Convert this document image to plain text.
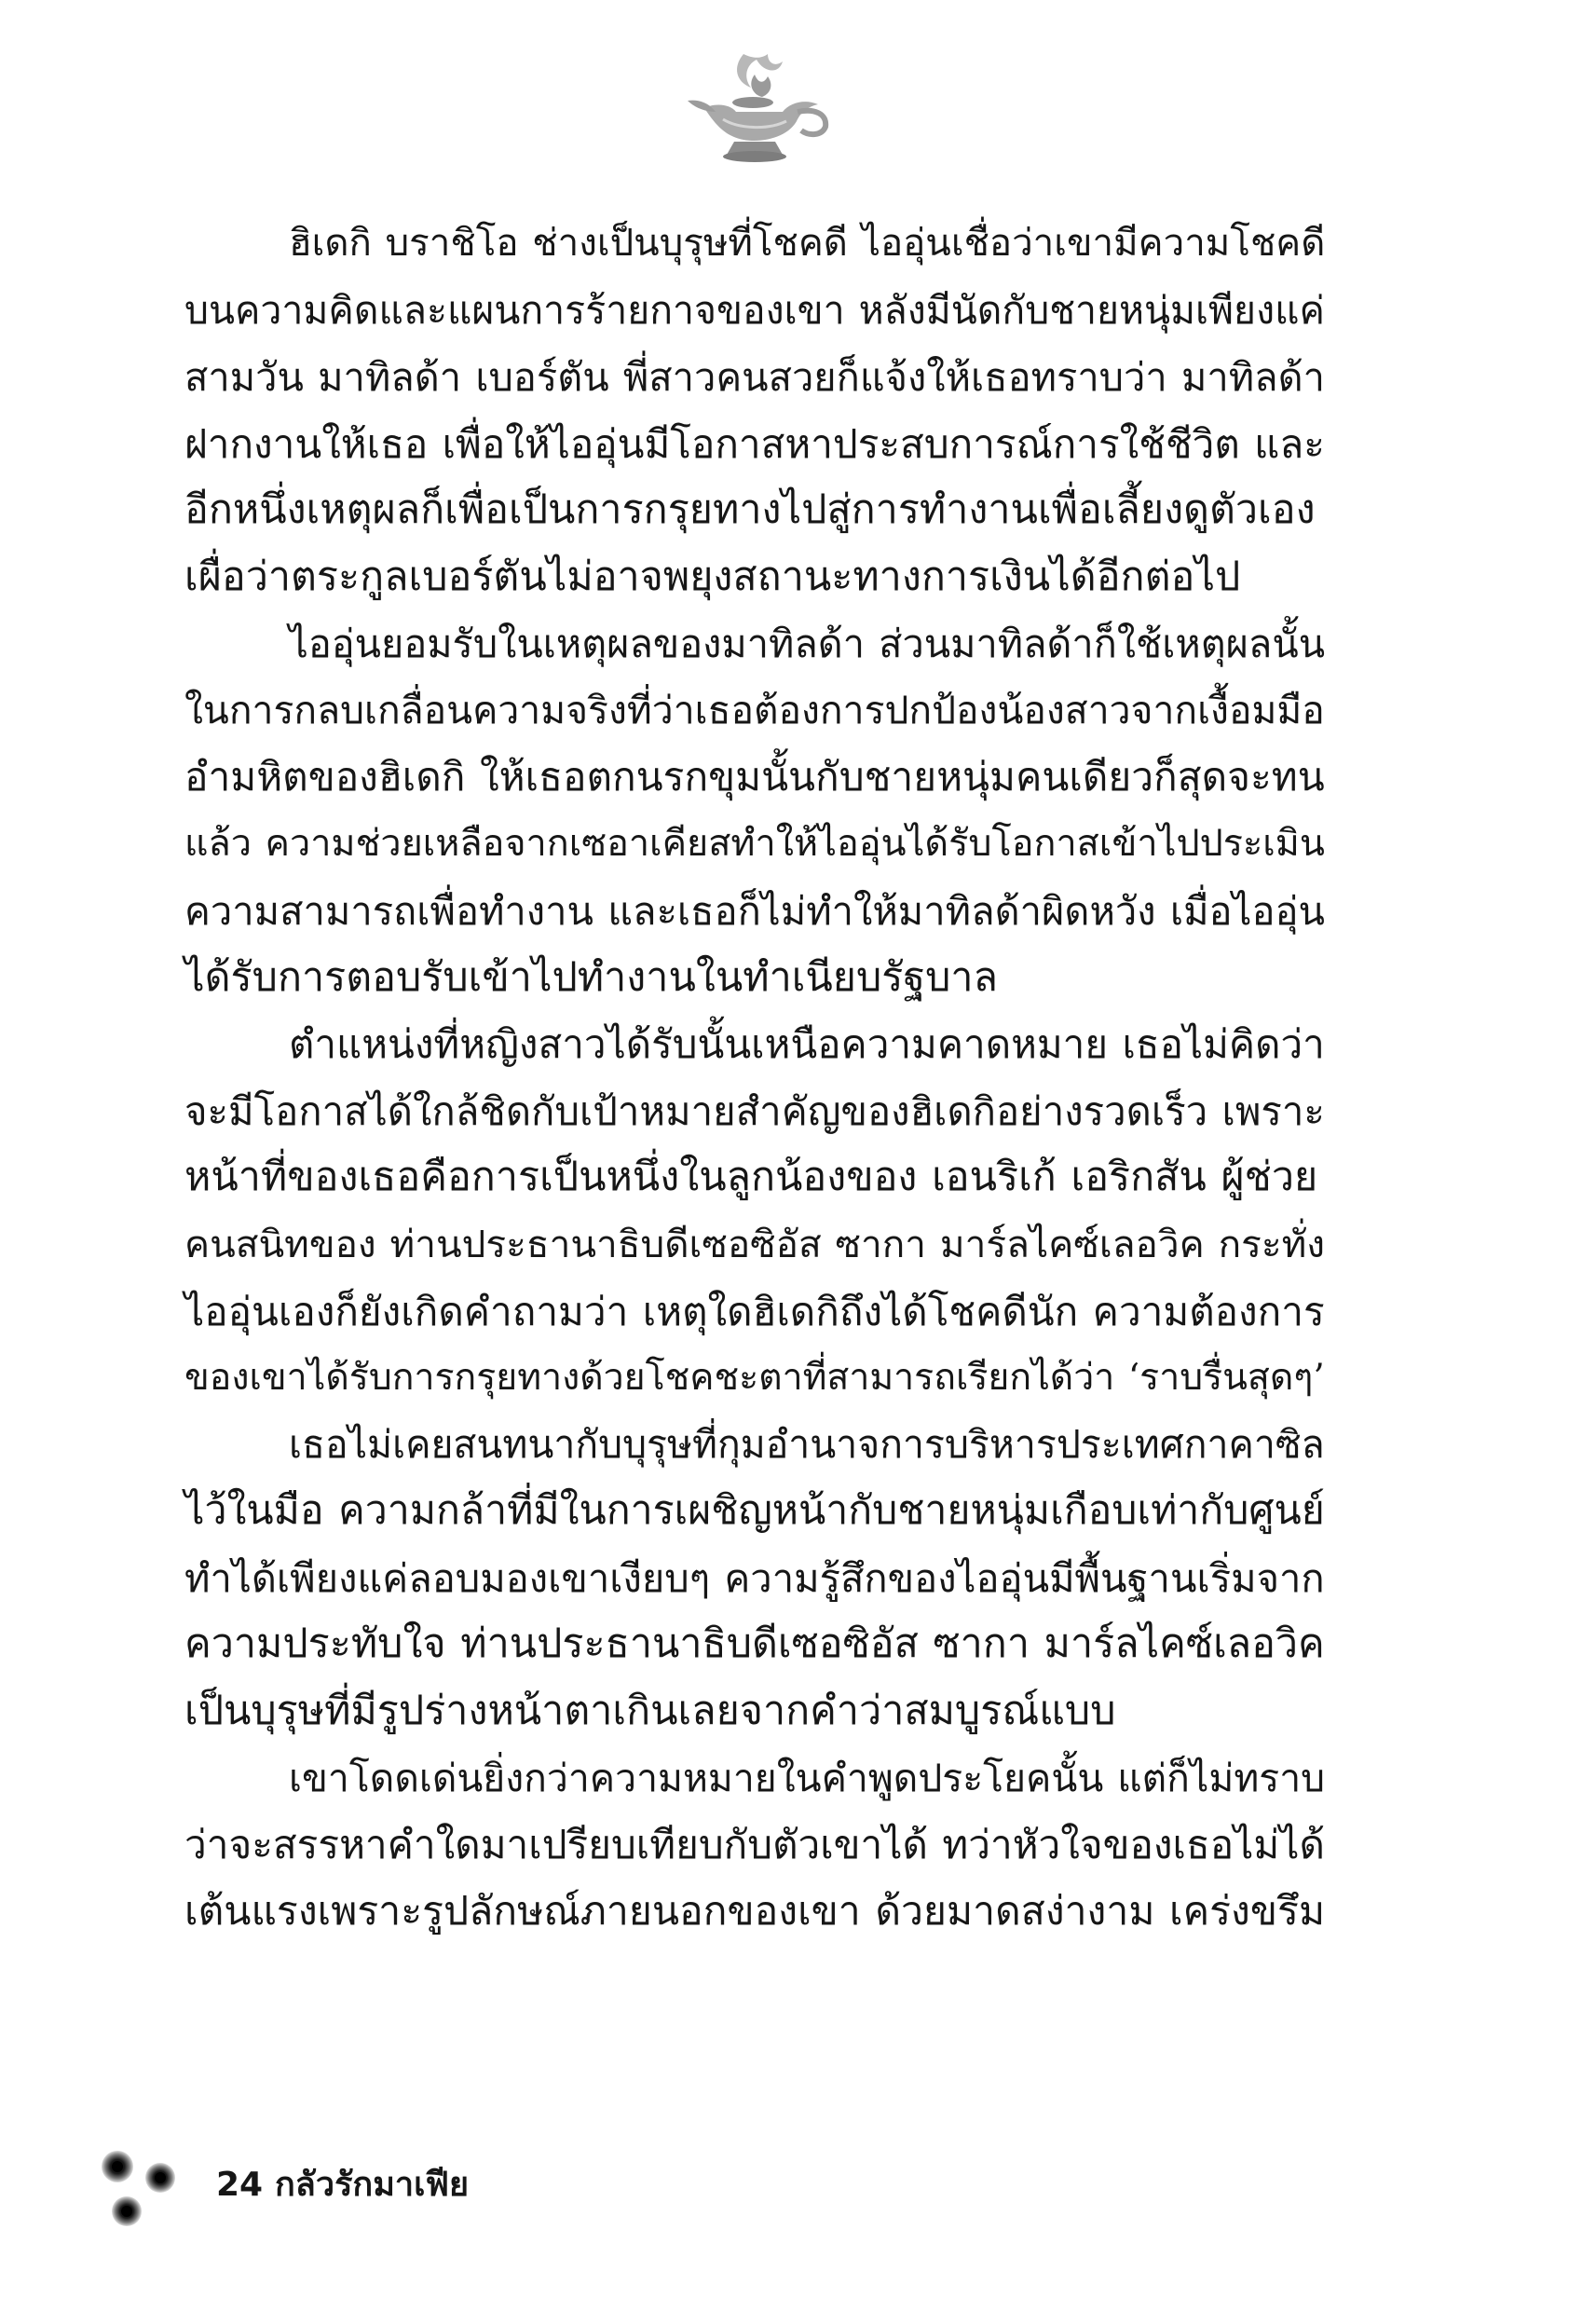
ฮิเดกิ บราชิโอ ช่างเป็นบุรุษที่โชคดี ไออุ่นเชื่อว่าเขามีความโชคดี
บนความคิดและแผนการร้ายกาจของเขา หลังมีนัดกับชายหนุ่มเพียงแค่
สามวัน มาทิลด้า เบอร์ตัน พี่สาวคนสวยก็แจ้งให้เธอทราบว่า มาทิลด้า
ฝากงานให้เธอ เพื่อให้ไออุ่นมีโอกาสหาประสบการณ์การใช้ชีวิต และ
อีกหนึ่งเหตุผลก็เพื่อเป็นการกรุยทางไปสู่การทำงานเพื่อเลี้ยงดูตัวเอง
เผื่อว่าตระกูลเบอร์ตันไม่อาจพยุงสถานะทางการเงินได้อีกต่อไป

ไออุ่นยอมรับในเหตุผลของมาทิลด้า ส่วนมาทิลด้าก็ใช้เหตุผลนั้น
ในการกลบเกลื่อนความจริงที่ว่าเธอต้องการปกป้องน้องสาวจากเงื้อมมือ
อำมหิตของฮิเดกิ ให้เธอตกนรกขุมนั้นกับชายหนุ่มคนเดียวก็สุดจะทน
แล้ว ความช่วยเหลือจากเซอาเคียสทำให้ไออุ่นได้รับโอกาสเข้าไปประเมิน
ความสามารถเพื่อทำงาน และเธอก็ไม่ทำให้มาทิลด้าผิดหวัง เมื่อไออุ่น
ได้รับการตอบรับเข้าไปทำงานในทำเนียบรัฐบาล

ตำแหน่งที่หญิงสาวได้รับนั้นเหนือความคาดหมาย เธอไม่คิดว่า
จะมีโอกาสได้ใกล้ชิดกับเป้าหมายสำคัญของฮิเดกิอย่างรวดเร็ว เพราะ
หน้าที่ของเธอคือการเป็นหนึ่งในลูกน้องของ เอนริเก้ เอริกสัน ผู้ช่วย
คนสนิทของ ท่านประธานาธิบดีเซอซิอัส ซากา มาร์ลไคซ์เลอวิค กระทั่ง
ไออุ่นเองก็ยังเกิดคำถามว่า เหตุใดฮิเดกิถึงได้โชคดีนัก ความต้องการ
ของเขาได้รับการกรุยทางด้วยโชคชะตาที่สามารถเรียกได้ว่า ‘ราบรื่นสุดๆ’

เธอไม่เคยสนทนากับบุรุษที่กุมอำนาจการบริหารประเทศกาคาซิล
ไว้ในมือ ความกล้าที่มีในการเผชิญหน้ากับชายหนุ่มเกือบเท่ากับศูนย์
ทำได้เพียงแค่ลอบมองเขาเงียบๆ ความรู้สึกของไออุ่นมีพื้นฐานเริ่มจาก
ความประทับใจ ท่านประธานาธิบดีเซอซิอัส ซากา มาร์ลไคซ์เลอวิค
เป็นบุรุษที่มีรูปร่างหน้าตาเกินเลยจากคำว่าสมบูรณ์แบบ

เขาโดดเด่นยิ่งกว่าความหมายในคำพูดประโยคนั้น แต่ก็ไม่ทราบ
ว่าจะสรรหาคำใดมาเปรียบเทียบกับตัวเขาได้ ทว่าหัวใจของเธอไม่ได้
เต้นแรงเพราะรูปลักษณ์ภายนอกของเขา ด้วยมาดสง่างาม เคร่งขรึม

24 กลัวรักมาเฟีย
